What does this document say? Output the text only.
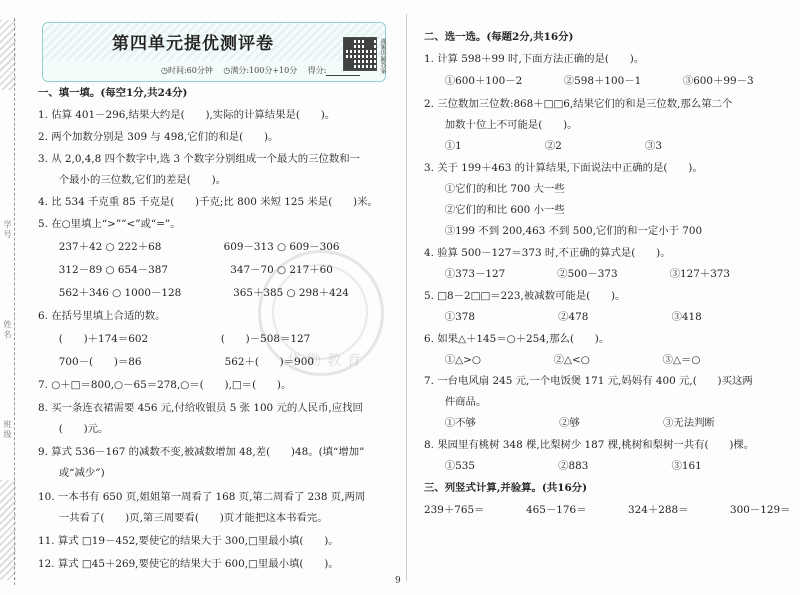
班级
姓名
学号
第四单元提优测评卷
◷时间:60分钟 　 ◷满分:100分+10分 　 得分:	视频讲解答案
华勤教育
一、填一填。(每空1分,共24分)
1. 估算 401－296,结果大约是(　　),实际的计算结果是(　　)。
2. 两个加数分别是 309 与 498,它们的和是(　　)。
3. 从 2,0,4,8 四个数字中,选 3 个数字分别组成一个最大的三位数和一
　　个最小的三位数,它们的差是(　　)。
4. 比 534 千克重 85 千克是(　　)千克;比 800 米短 125 米是(　　)米。
5. 在○里填上“>”“<”或“=”。
　　237＋42 ○ 222＋68　　　　　　609－313 ○ 609－306
　　312－89 ○ 654－387　　　　　　347－70 ○ 217＋60
　　562＋346 ○ 1000－128　　　　　365＋385 ○ 298＋424
6. 在括号里填上合适的数。
　　(　　)＋174＝602　　　　　　　(　　)－508＝127
　　700－(　　)＝86　　　　　　　　562＋(　　)＝900
7. ○＋□＝800,○－65＝278,○＝(　　),□＝(　　)。
8. 买一条连衣裙需要 456 元,付给收银员 5 张 100 元的人民币,应找回
　　(　　)元。
9. 算式 536－167 的减数不变,被减数增加 48,差(　　)48。(填“增加”
　　或“减少”)
10. 一本书有 650 页,姐姐第一周看了 168 页,第二周看了 238 页,两周
　　一共看了(　　)页,第三周要看(　　)页才能把这本书看完。
11. 算式 □19－452,要使它的结果大于 300,□里最小填(　　)。
12. 算式 □45＋269,要使它的结果大于 600,□里最小填(　　)。
二、选一选。(每题2分,共16分)
1. 计算 598＋99 时,下面方法正确的是(　　)。
　　①600＋100－2　　　　②598＋100－1　　　　③600＋99－3
2. 三位数加三位数:868＋□□6,结果它们的和是三位数,那么第二个
　　加数十位上不可能是(　　)。
　　①1　　　　　　　　②2　　　　　　　　③3
3. 关于 199＋463 的计算结果,下面说法中正确的是(　　)。
　　①它们的和比 700 大一些
　　②它们的和比 600 小一些
　　③199 不到 200,463 不到 500,它们的和一定小于 700
4. 验算 500－127＝373 时,不正确的算式是(　　)。
　　①373－127　　　　　②500－373　　　　　③127＋373
5. □8－2□□＝223,被减数可能是(　　)。
　　①378　　　　　　　　②478　　　　　　　　③418
6. 如果△＋145＝○＋254,那么(　　)。
　　①△>○　　　　　　　②△<○　　　　　　　③△＝○
7. 一台电风扇 245 元,一个电饭煲 171 元,妈妈有 400 元,(　　)买这两
　　件商品。
　　①不够　　　　　　　　②够　　　　　　　　③无法判断
8. 果园里有桃树 348 棵,比梨树少 187 棵,桃树和梨树一共有(　　)棵。
　　①535　　　　　　　　②883　　　　　　　　③161
三、列竖式计算,并验算。(共16分)
239＋765＝　　　　465－176＝　　　　324＋288＝　　　　300－129＝
9
